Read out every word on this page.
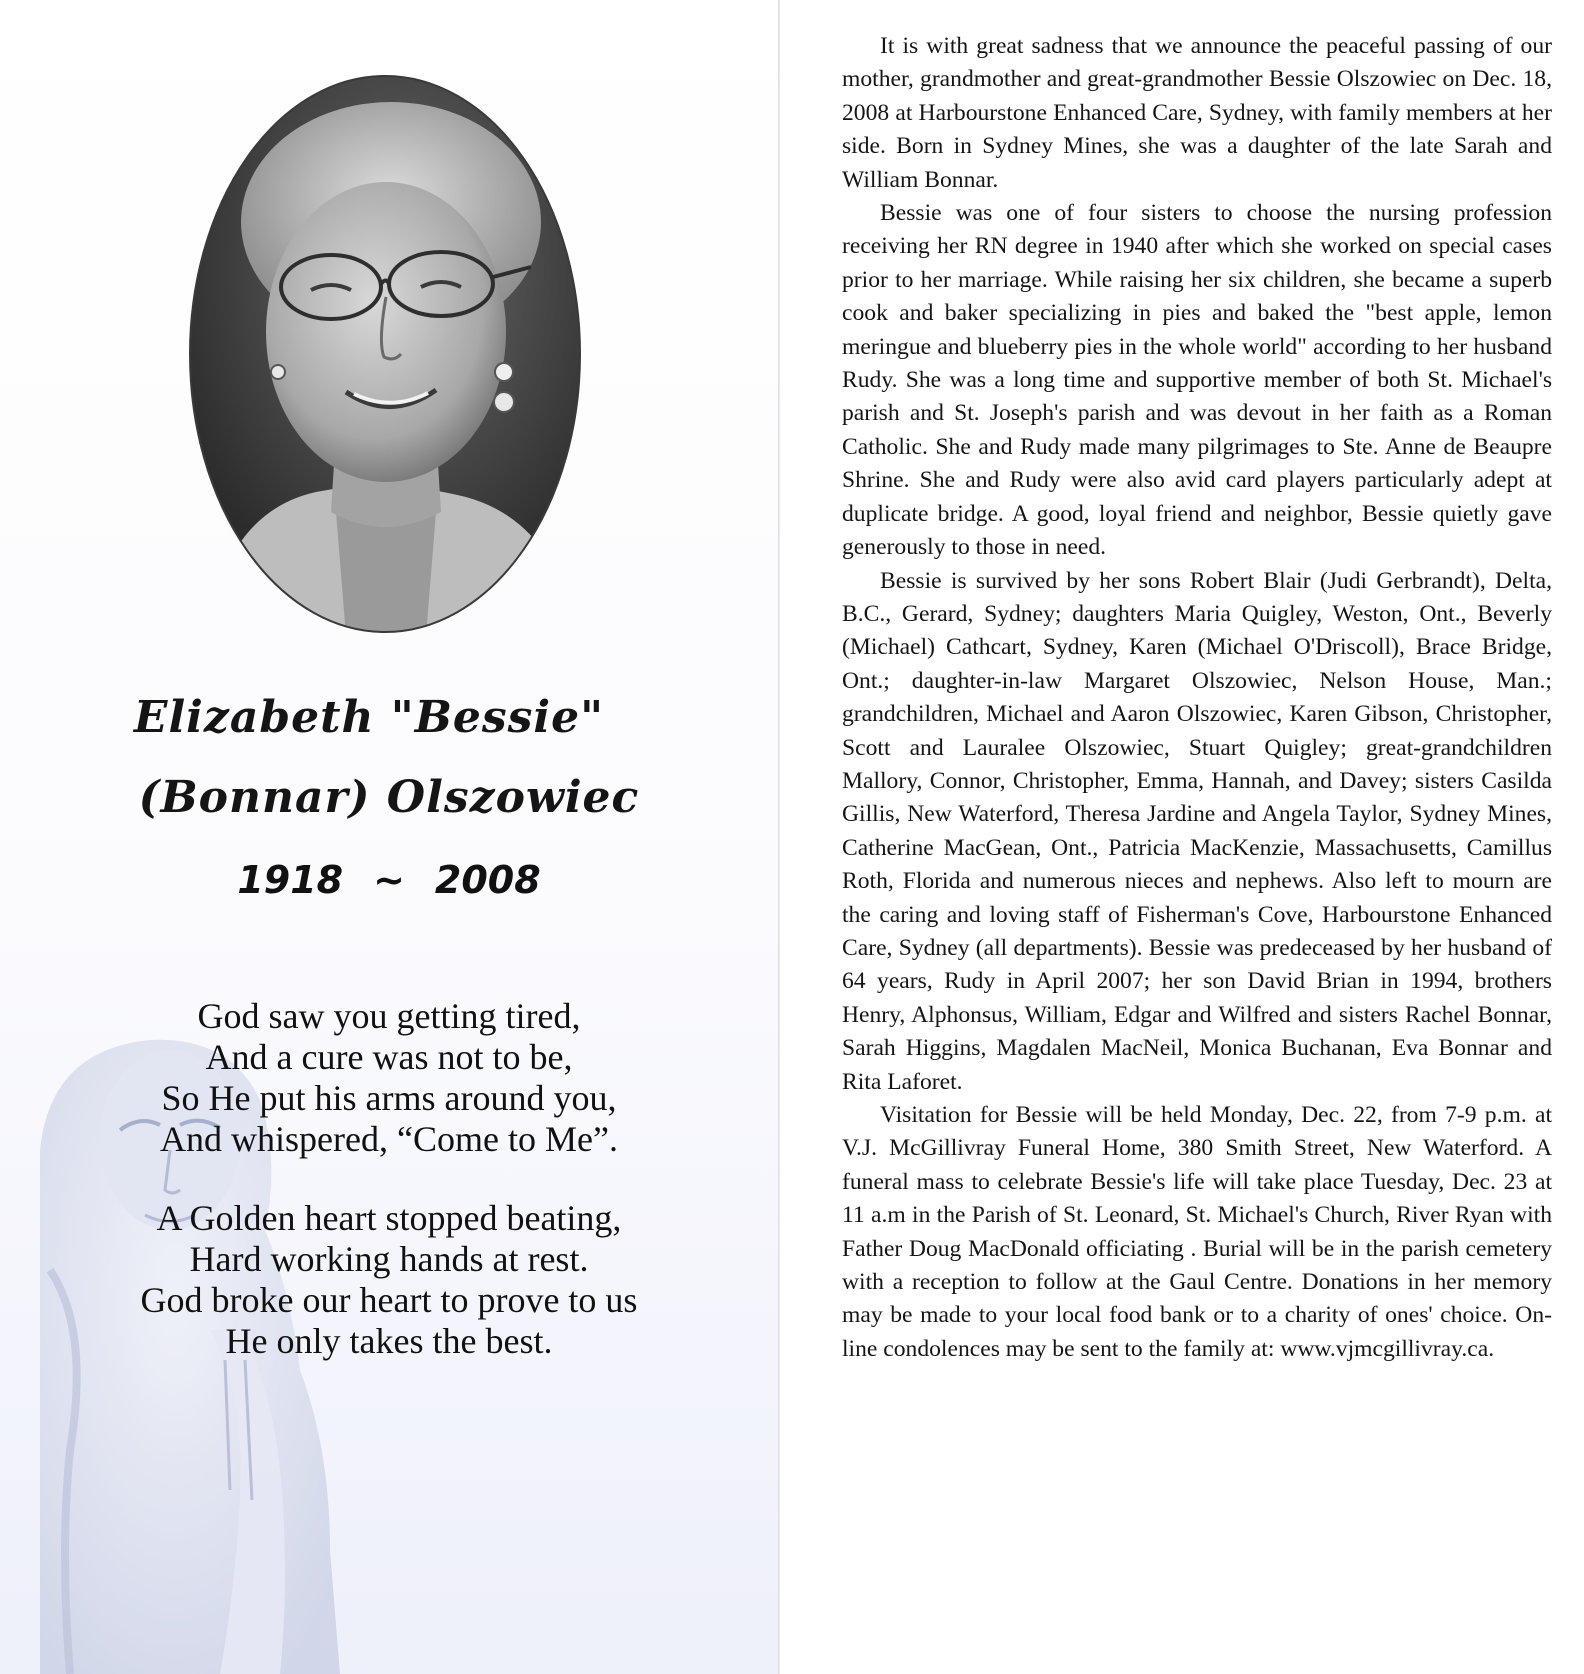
Elizabeth "Bessie"
(Bonnar) Olszowiec
1918 ~ 2008
God saw you getting tired,
And a cure was not to be,
So He put his arms around you,
And whispered, “Come to Me”.
A Golden heart stopped beating,
Hard working hands at rest.
God broke our heart to prove to us
He only takes the best.

It is with great sadness that we announce the peaceful passing of our mother, grandmother and great-grandmother Bessie Olszowiec on Dec. 18, 2008 at Harbourstone Enhanced Care, Sydney, with family members at her side. Born in Sydney Mines, she was a daughter of the late Sarah and William Bonnar.

Bessie was one of four sisters to choose the nursing profession receiving her RN degree in 1940 after which she worked on special cases prior to her marriage. While raising her six children, she became a superb cook and baker specializing in pies and baked the "best apple, lemon meringue and blueberry pies in the whole world" according to her husband Rudy. She was a long time and supportive member of both St. Michael's parish and St. Joseph's parish and was devout in her faith as a Roman Catholic. She and Rudy made many pilgrimages to Ste. Anne de Beaupre Shrine. She and Rudy were also avid card players particularly adept at duplicate bridge. A good, loyal friend and neighbor, Bessie quietly gave generously to those in need.

Bessie is survived by her sons Robert Blair (Judi Gerbrandt), Delta, B.C., Gerard, Sydney; daughters Maria Quigley, Weston, Ont., Beverly (Michael) Cathcart, Sydney, Karen (Michael O'Driscoll), Brace Bridge, Ont.; daughter-in-law Margaret Olszowiec, Nelson House, Man.; grandchildren, Michael and Aaron Olszowiec, Karen Gibson, Christopher, Scott and Lauralee Olszowiec, Stuart Quigley; great-grandchildren Mallory, Connor, Christopher, Emma, Hannah, and Davey; sisters Casilda Gillis, New Waterford, Theresa Jardine and Angela Taylor, Sydney Mines, Catherine MacGean, Ont., Patricia MacKenzie, Massachusetts, Camillus Roth, Florida and numerous nieces and nephews. Also left to mourn are the caring and loving staff of Fisherman's Cove, Harbourstone Enhanced Care, Sydney (all departments). Bessie was predeceased by her husband of 64 years, Rudy in April 2007; her son David Brian in 1994, brothers Henry, Alphonsus, William, Edgar and Wilfred and sisters Rachel Bonnar, Sarah Higgins, Magdalen MacNeil, Monica Buchanan, Eva Bonnar and Rita Laforet.

Visitation for Bessie will be held Monday, Dec. 22, from 7-9 p.m. at V.J. McGillivray Funeral Home, 380 Smith Street, New Waterford. A funeral mass to celebrate Bessie's life will take place Tuesday, Dec. 23 at 11 a.m in the Parish of St. Leonard, St. Michael's Church, River Ryan with Father Doug MacDonald officiating . Burial will be in the parish cemetery with a reception to follow at the Gaul Centre. Donations in her memory may be made to your local food bank or to a charity of ones' choice. On-line condolences may be sent to the family at: www.vjmcgillivray.ca.
